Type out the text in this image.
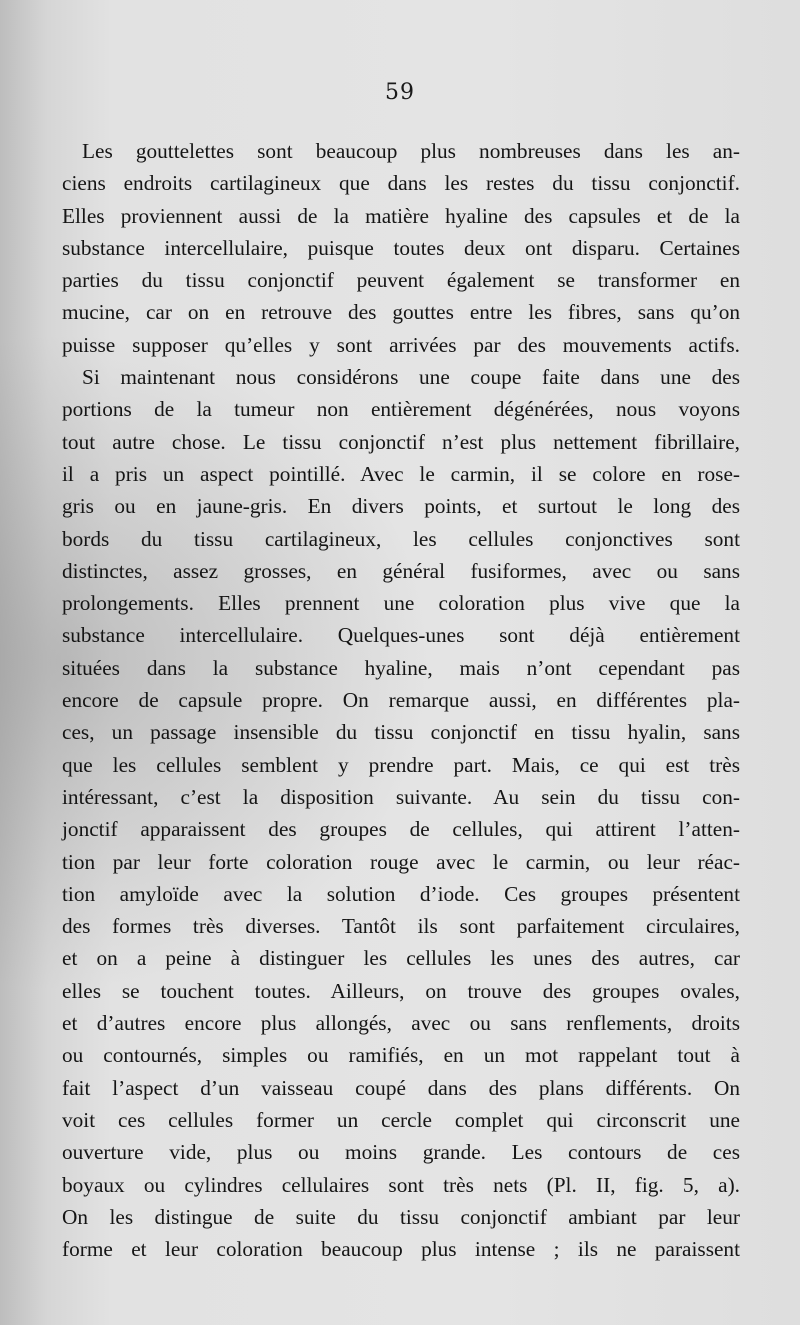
59
Les gouttelettes sont beaucoup plus nombreuses dans les an-
ciens endroits cartilagineux que dans les restes du tissu conjonctif.
Elles proviennent aussi de la matière hyaline des capsules et de la
substance intercellulaire, puisque toutes deux ont disparu. Certaines
parties du tissu conjonctif peuvent également se transformer en
mucine, car on en retrouve des gouttes entre les fibres, sans qu’on
puisse supposer qu’elles y sont arrivées par des mouvements actifs.
Si maintenant nous considérons une coupe faite dans une des
portions de la tumeur non entièrement dégénérées, nous voyons
tout autre chose. Le tissu conjonctif n’est plus nettement fibrillaire,
il a pris un aspect pointillé. Avec le carmin, il se colore en rose-
gris ou en jaune-gris. En divers points, et surtout le long des
bords du tissu cartilagineux, les cellules conjonctives sont
distinctes, assez grosses, en général fusiformes, avec ou sans
prolongements. Elles prennent une coloration plus vive que la
substance intercellulaire. Quelques-unes sont déjà entièrement
situées dans la substance hyaline, mais n’ont cependant pas
encore de capsule propre. On remarque aussi, en différentes pla-
ces, un passage insensible du tissu conjonctif en tissu hyalin, sans
que les cellules semblent y prendre part. Mais, ce qui est très
intéressant, c’est la disposition suivante. Au sein du tissu con-
jonctif apparaissent des groupes de cellules, qui attirent l’atten-
tion par leur forte coloration rouge avec le carmin, ou leur réac-
tion amyloïde avec la solution d’iode. Ces groupes présentent
des formes très diverses. Tantôt ils sont parfaitement circulaires,
et on a peine à distinguer les cellules les unes des autres, car
elles se touchent toutes. Ailleurs, on trouve des groupes ovales,
et d’autres encore plus allongés, avec ou sans renflements, droits
ou contournés, simples ou ramifiés, en un mot rappelant tout à
fait l’aspect d’un vaisseau coupé dans des plans différents. On
voit ces cellules former un cercle complet qui circonscrit une
ouverture vide, plus ou moins grande. Les contours de ces
boyaux ou cylindres cellulaires sont très nets (Pl. II, fig. 5, a).
On les distingue de suite du tissu conjonctif ambiant par leur
forme et leur coloration beaucoup plus intense ; ils ne paraissent
